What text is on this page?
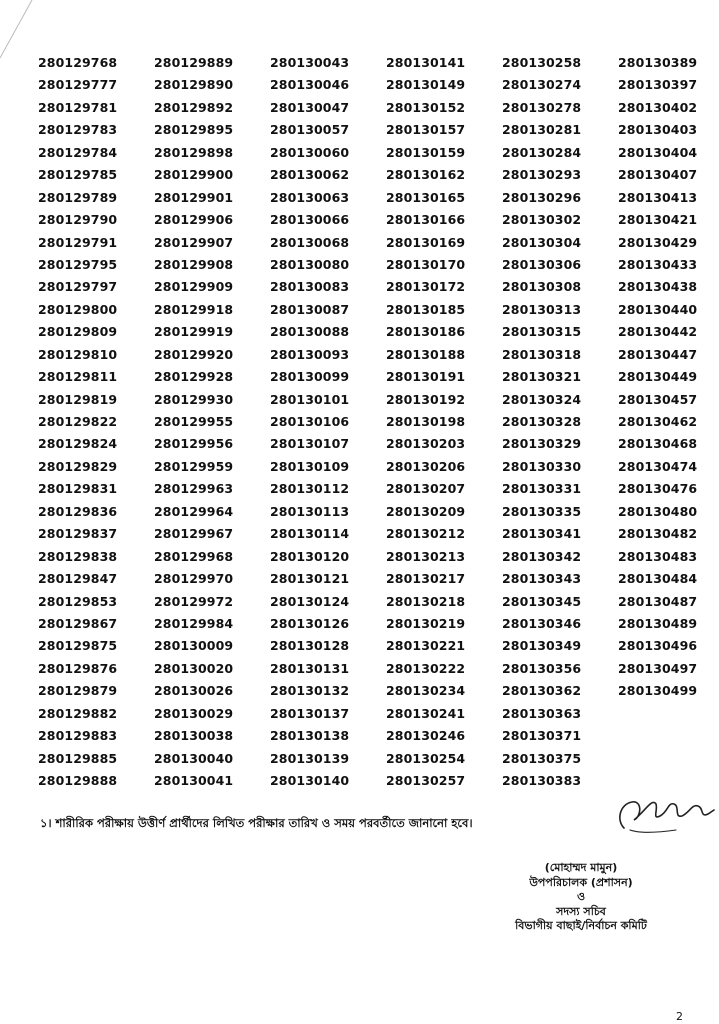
280129768
280129777
280129781
280129783
280129784
280129785
280129789
280129790
280129791
280129795
280129797
280129800
280129809
280129810
280129811
280129819
280129822
280129824
280129829
280129831
280129836
280129837
280129838
280129847
280129853
280129867
280129875
280129876
280129879
280129882
280129883
280129885
280129888
280129889
280129890
280129892
280129895
280129898
280129900
280129901
280129906
280129907
280129908
280129909
280129918
280129919
280129920
280129928
280129930
280129955
280129956
280129959
280129963
280129964
280129967
280129968
280129970
280129972
280129984
280130009
280130020
280130026
280130029
280130038
280130040
280130041
280130043
280130046
280130047
280130057
280130060
280130062
280130063
280130066
280130068
280130080
280130083
280130087
280130088
280130093
280130099
280130101
280130106
280130107
280130109
280130112
280130113
280130114
280130120
280130121
280130124
280130126
280130128
280130131
280130132
280130137
280130138
280130139
280130140
280130141
280130149
280130152
280130157
280130159
280130162
280130165
280130166
280130169
280130170
280130172
280130185
280130186
280130188
280130191
280130192
280130198
280130203
280130206
280130207
280130209
280130212
280130213
280130217
280130218
280130219
280130221
280130222
280130234
280130241
280130246
280130254
280130257
280130258
280130274
280130278
280130281
280130284
280130293
280130296
280130302
280130304
280130306
280130308
280130313
280130315
280130318
280130321
280130324
280130328
280130329
280130330
280130331
280130335
280130341
280130342
280130343
280130345
280130346
280130349
280130356
280130362
280130363
280130371
280130375
280130383
280130389
280130397
280130402
280130403
280130404
280130407
280130413
280130421
280130429
280130433
280130438
280130440
280130442
280130447
280130449
280130457
280130462
280130468
280130474
280130476
280130480
280130482
280130483
280130484
280130487
280130489
280130496
280130497
280130499
১। শারীরিক পরীক্ষায় উত্তীর্ণ প্রার্থীদের লিখিত পরীক্ষার তারিখ ও সময় পরবর্তীতে জানানো হবে।
(মোহাম্মদ মামুন)
উপপরিচালক (প্রশাসন)
ও
সদস্য সচিব
বিভাগীয় বাছাই/নির্বাচন কমিটি
2
